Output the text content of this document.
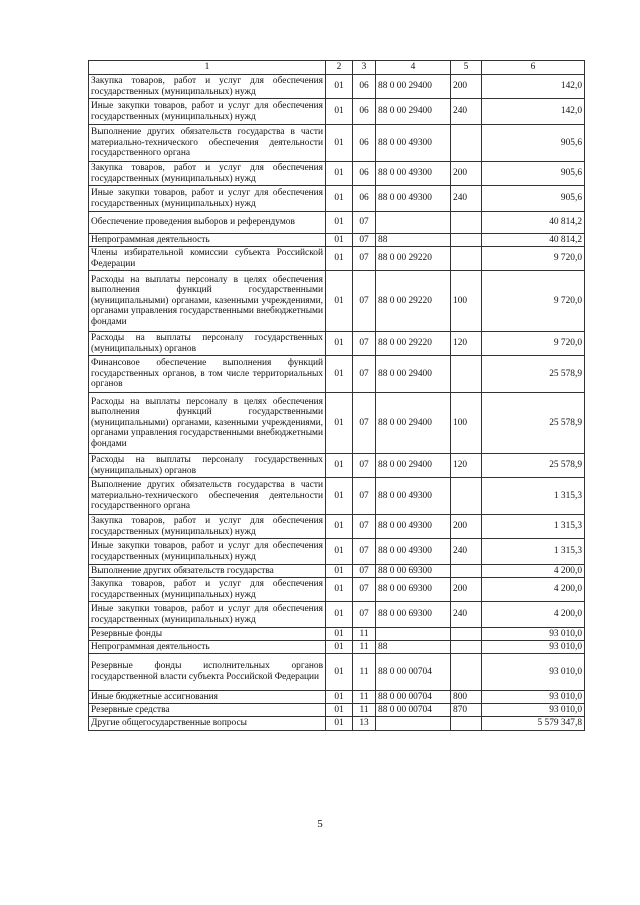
1	2	3	4	5	6
Закупка товаров, работ и услуг для обеспечения государственных (муниципальных) нужд	01	06	88 0 00 29400	200	142,0
Иные закупки товаров, работ и услуг для обеспечения государственных (муниципальных) нужд	01	06	88 0 00 29400	240	142,0
Выполнение других обязательств государства в части материально-технического обеспечения деятельности государственного органа	01	06	88 0 00 49300		905,6
Закупка товаров, работ и услуг для обеспечения государственных (муниципальных) нужд	01	06	88 0 00 49300	200	905,6
Иные закупки товаров, работ и услуг для обеспечения государственных (муниципальных) нужд	01	06	88 0 00 49300	240	905,6
Обеспечение проведения выборов и референдумов	01	07			40 814,2
Непрограммная деятельность	01	07	88		40 814,2
Члены избирательной комиссии субъекта Российской Федерации	01	07	88 0 00 29220		9 720,0
Расходы на выплаты персоналу в целях обеспечения выполнения функций государственными (муниципальными) органами, казенными учреждениями, органами управления государственными внебюджетными фондами	01	07	88 0 00 29220	100	9 720,0
Расходы на выплаты персоналу государственных (муниципальных) органов	01	07	88 0 00 29220	120	9 720,0
Финансовое обеспечение выполнения функций государственных органов, в том числе территориальных органов	01	07	88 0 00 29400		25 578,9
Расходы на выплаты персоналу в целях обеспечения выполнения функций государственными (муниципальными) органами, казенными учреждениями, органами управления государственными внебюджетными фондами	01	07	88 0 00 29400	100	25 578,9
Расходы на выплаты персоналу государственных (муниципальных) органов	01	07	88 0 00 29400	120	25 578,9
Выполнение других обязательств государства в части материально-технического обеспечения деятельности государственного органа	01	07	88 0 00 49300		1 315,3
Закупка товаров, работ и услуг для обеспечения государственных (муниципальных) нужд	01	07	88 0 00 49300	200	1 315,3
Иные закупки товаров, работ и услуг для обеспечения государственных (муниципальных) нужд	01	07	88 0 00 49300	240	1 315,3
Выполнение других обязательств государства	01	07	88 0 00 69300		4 200,0
Закупка товаров, работ и услуг для обеспечения государственных (муниципальных) нужд	01	07	88 0 00 69300	200	4 200,0
Иные закупки товаров, работ и услуг для обеспечения государственных (муниципальных) нужд	01	07	88 0 00 69300	240	4 200,0
Резервные фонды	01	11			93 010,0
Непрограммная деятельность	01	11	88		93 010,0
Резервные фонды исполнительных органов государственной власти субъекта Российской Федерации	01	11	88 0 00 00704		93 010,0
Иные бюджетные ассигнования	01	11	88 0 00 00704	800	93 010,0
Резервные средства	01	11	88 0 00 00704	870	93 010,0
Другие общегосударственные вопросы	01	13			5 579 347,8
5
